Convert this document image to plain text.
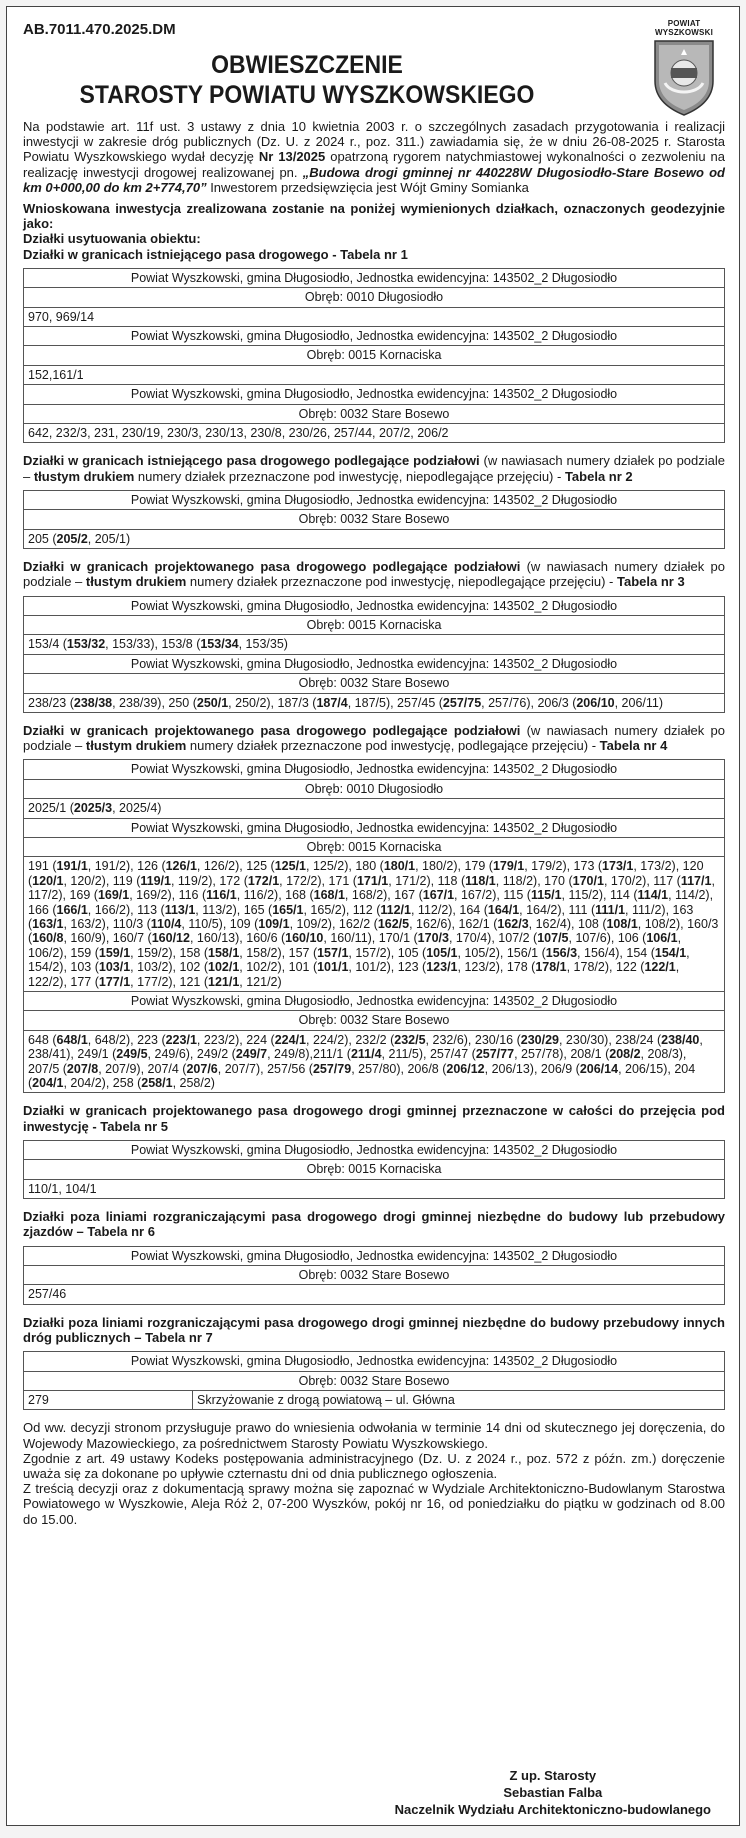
AB.7011.470.2025.DM	POWIAT WYSZKOWSKI
OBWIESZCZENIE
STAROSTY POWIATU WYSZKOWSKIEGO

Na podstawie art. 11f ust. 3 ustawy z dnia 10 kwietnia 2003 r. o szczególnych zasadach przygotowania i realizacji inwestycji w zakresie dróg publicznych (Dz. U. z 2024 r., poz. 311.) zawiadamia się, że w dniu 26-08-2025 r. Starosta Powiatu Wyszkowskiego wydał decyzję Nr 13/2025 opatrzoną rygorem natychmiastowej wykonalności o zezwoleniu na realizację inwestycji drogowej realizowanej pn. „Budowa drogi gminnej nr 440228W Długosiodło-Stare Bosewo od km 0+000,00 do km 2+774,70” Inwestorem przedsięwzięcia jest Wójt Gminy Somianka

Wnioskowana inwestycja zrealizowana zostanie na poniżej wymienionych działkach, oznaczonych geodezyjnie jako:

Działki usytuowania obiektu:

Działki w granicach istniejącego pasa drogowego - Tabela nr 1

Powiat Wyszkowski, gmina Długosiodło, Jednostka ewidencyjna: 143502_2 Długosiodło
Obręb: 0010 Długosiodło
970, 969/14
Powiat Wyszkowski, gmina Długosiodło, Jednostka ewidencyjna: 143502_2 Długosiodło
Obręb: 0015 Kornaciska
152,161/1
Powiat Wyszkowski, gmina Długosiodło, Jednostka ewidencyjna: 143502_2 Długosiodło
Obręb: 0032 Stare Bosewo
642, 232/3, 231, 230/19, 230/3, 230/13, 230/8, 230/26, 257/44, 207/2, 206/2

Działki w granicach istniejącego pasa drogowego podlegające podziałowi (w nawiasach numery działek po podziale – tłustym drukiem numery działek przeznaczone pod inwestycję, niepodlegające przejęciu) - Tabela nr 2

Powiat Wyszkowski, gmina Długosiodło, Jednostka ewidencyjna: 143502_2 Długosiodło
Obręb: 0032 Stare Bosewo
205 (205/2, 205/1)

Działki w granicach projektowanego pasa drogowego podlegające podziałowi (w nawiasach numery działek po podziale – tłustym drukiem numery działek przeznaczone pod inwestycję, niepodlegające przejęciu) - Tabela nr 3

Powiat Wyszkowski, gmina Długosiodło, Jednostka ewidencyjna: 143502_2 Długosiodło
Obręb: 0015 Kornaciska
153/4 (153/32, 153/33), 153/8 (153/34, 153/35)
Powiat Wyszkowski, gmina Długosiodło, Jednostka ewidencyjna: 143502_2 Długosiodło
Obręb: 0032 Stare Bosewo
238/23 (238/38, 238/39), 250 (250/1, 250/2), 187/3 (187/4, 187/5), 257/45 (257/75, 257/76), 206/3 (206/10, 206/11)

Działki w granicach projektowanego pasa drogowego podlegające podziałowi (w nawiasach numery działek po podziale – tłustym drukiem numery działek przeznaczone pod inwestycję, podlegające przejęciu) - Tabela nr 4

Powiat Wyszkowski, gmina Długosiodło, Jednostka ewidencyjna: 143502_2 Długosiodło
Obręb: 0010 Długosiodło
2025/1 (2025/3, 2025/4)
Powiat Wyszkowski, gmina Długosiodło, Jednostka ewidencyjna: 143502_2 Długosiodło
Obręb: 0015 Kornaciska
191 (191/1, 191/2), 126 (126/1, 126/2), 125 (125/1, 125/2), 180 (180/1, 180/2), 179 (179/1, 179/2), 173 (173/1, 173/2), 120 (120/1, 120/2), 119 (119/1, 119/2), 172 (172/1, 172/2), 171 (171/1, 171/2), 118 (118/1, 118/2), 170 (170/1, 170/2), 117 (117/1, 117/2), 169 (169/1, 169/2), 116 (116/1, 116/2), 168 (168/1, 168/2), 167 (167/1, 167/2), 115 (115/1, 115/2), 114 (114/1, 114/2), 166 (166/1, 166/2), 113 (113/1, 113/2), 165 (165/1, 165/2), 112 (112/1, 112/2), 164 (164/1, 164/2), 111 (111/1, 111/2), 163 (163/1, 163/2), 110/3 (110/4, 110/5), 109 (109/1, 109/2), 162/2 (162/5, 162/6), 162/1 (162/3, 162/4), 108 (108/1, 108/2), 160/3 (160/8, 160/9), 160/7 (160/12, 160/13), 160/6 (160/10, 160/11), 170/1 (170/3, 170/4), 107/2 (107/5, 107/6), 106 (106/1, 106/2), 159 (159/1, 159/2), 158 (158/1, 158/2), 157 (157/1, 157/2), 105 (105/1, 105/2), 156/1 (156/3, 156/4), 154 (154/1, 154/2), 103 (103/1, 103/2), 102 (102/1, 102/2), 101 (101/1, 101/2), 123 (123/1, 123/2), 178 (178/1, 178/2), 122 (122/1, 122/2), 177 (177/1, 177/2), 121 (121/1, 121/2)
Powiat Wyszkowski, gmina Długosiodło, Jednostka ewidencyjna: 143502_2 Długosiodło
Obręb: 0032 Stare Bosewo
648 (648/1, 648/2), 223 (223/1, 223/2), 224 (224/1, 224/2), 232/2 (232/5, 232/6), 230/16 (230/29, 230/30), 238/24 (238/40, 238/41), 249/1 (249/5, 249/6), 249/2 (249/7, 249/8),211/1 (211/4, 211/5), 257/47 (257/77, 257/78), 208/1 (208/2, 208/3), 207/5 (207/8, 207/9), 207/4 (207/6, 207/7), 257/56 (257/79, 257/80), 206/8 (206/12, 206/13), 206/9 (206/14, 206/15), 204 (204/1, 204/2), 258 (258/1, 258/2)

Działki w granicach projektowanego pasa drogowego drogi gminnej przeznaczone w całości do przejęcia pod inwestycję - Tabela nr 5

Powiat Wyszkowski, gmina Długosiodło, Jednostka ewidencyjna: 143502_2 Długosiodło
Obręb: 0015 Kornaciska
110/1, 104/1

Działki poza liniami rozgraniczającymi pasa drogowego drogi gminnej niezbędne do budowy lub przebudowy zjazdów – Tabela nr 6

Powiat Wyszkowski, gmina Długosiodło, Jednostka ewidencyjna: 143502_2 Długosiodło
Obręb: 0032 Stare Bosewo
257/46

Działki poza liniami rozgraniczającymi pasa drogowego drogi gminnej niezbędne do budowy przebudowy innych dróg publicznych – Tabela nr 7

Powiat Wyszkowski, gmina Długosiodło, Jednostka ewidencyjna: 143502_2 Długosiodło
Obręb: 0032 Stare Bosewo
279	Skrzyżowanie z drogą powiatową – ul. Główna

Od ww. decyzji stronom przysługuje prawo do wniesienia odwołania w terminie 14 dni od skutecznego jej doręczenia, do Wojewody Mazowieckiego, za pośrednictwem Starosty Powiatu Wyszkowskiego.

Zgodnie z art. 49 ustawy Kodeks postępowania administracyjnego (Dz. U. z 2024 r., poz. 572 z późn. zm.) doręczenie uważa się za dokonane po upływie czternastu dni od dnia publicznego ogłoszenia.

Z treścią decyzji oraz z dokumentacją sprawy można się zapoznać w Wydziale Architektoniczno-Budowlanym Starostwa Powiatowego w Wyszkowie, Aleja Róż 2, 07-200 Wyszków, pokój nr 16, od poniedziałku do piątku w godzinach od 8.00 do 15.00.

Z up. Starosty
Sebastian Falba
Naczelnik Wydziału Architektoniczno-budowlanego
